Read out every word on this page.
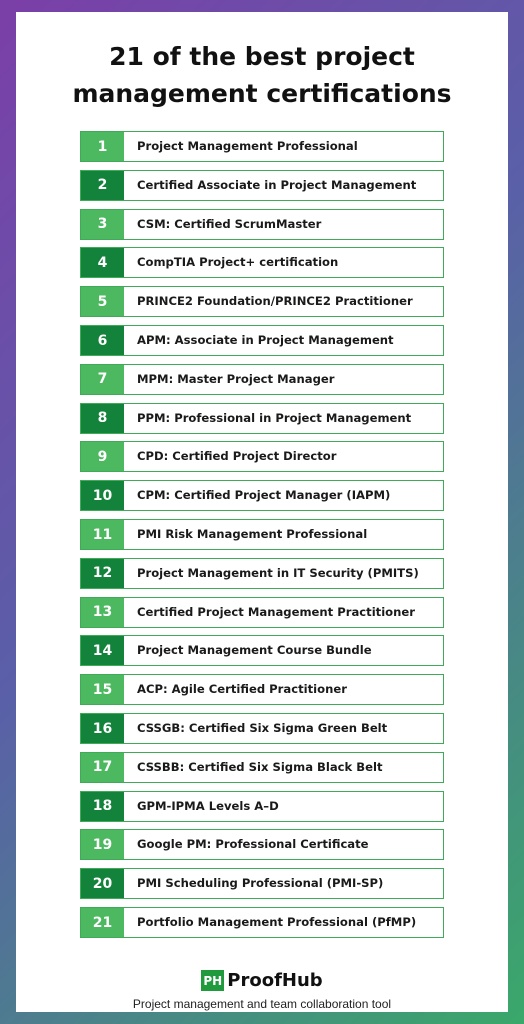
21 of the best project
management certifications
1	Project Management Professional
2	Certified Associate in Project Management
3	CSM: Certified ScrumMaster
4	CompTIA Project+ certification
5	PRINCE2 Foundation/PRINCE2 Practitioner
6	APM: Associate in Project Management
7	MPM: Master Project Manager
8	PPM: Professional in Project Management
9	CPD: Certified Project Director
10	CPM: Certified Project Manager (IAPM)
11	PMI Risk Management Professional
12	Project Management in IT Security (PMITS)
13	Certified Project Management Practitioner
14	Project Management Course Bundle
15	ACP: Agile Certified Practitioner
16	CSSGB: Certified Six Sigma Green Belt
17	CSSBB: Certified Six Sigma Black Belt
18	GPM-IPMA Levels A–D
19	Google PM: Professional Certificate
20	PMI Scheduling Professional (PMI-SP)
21	Portfolio Management Professional (PfMP)
PH ProofHub
Project management and team collaboration tool
